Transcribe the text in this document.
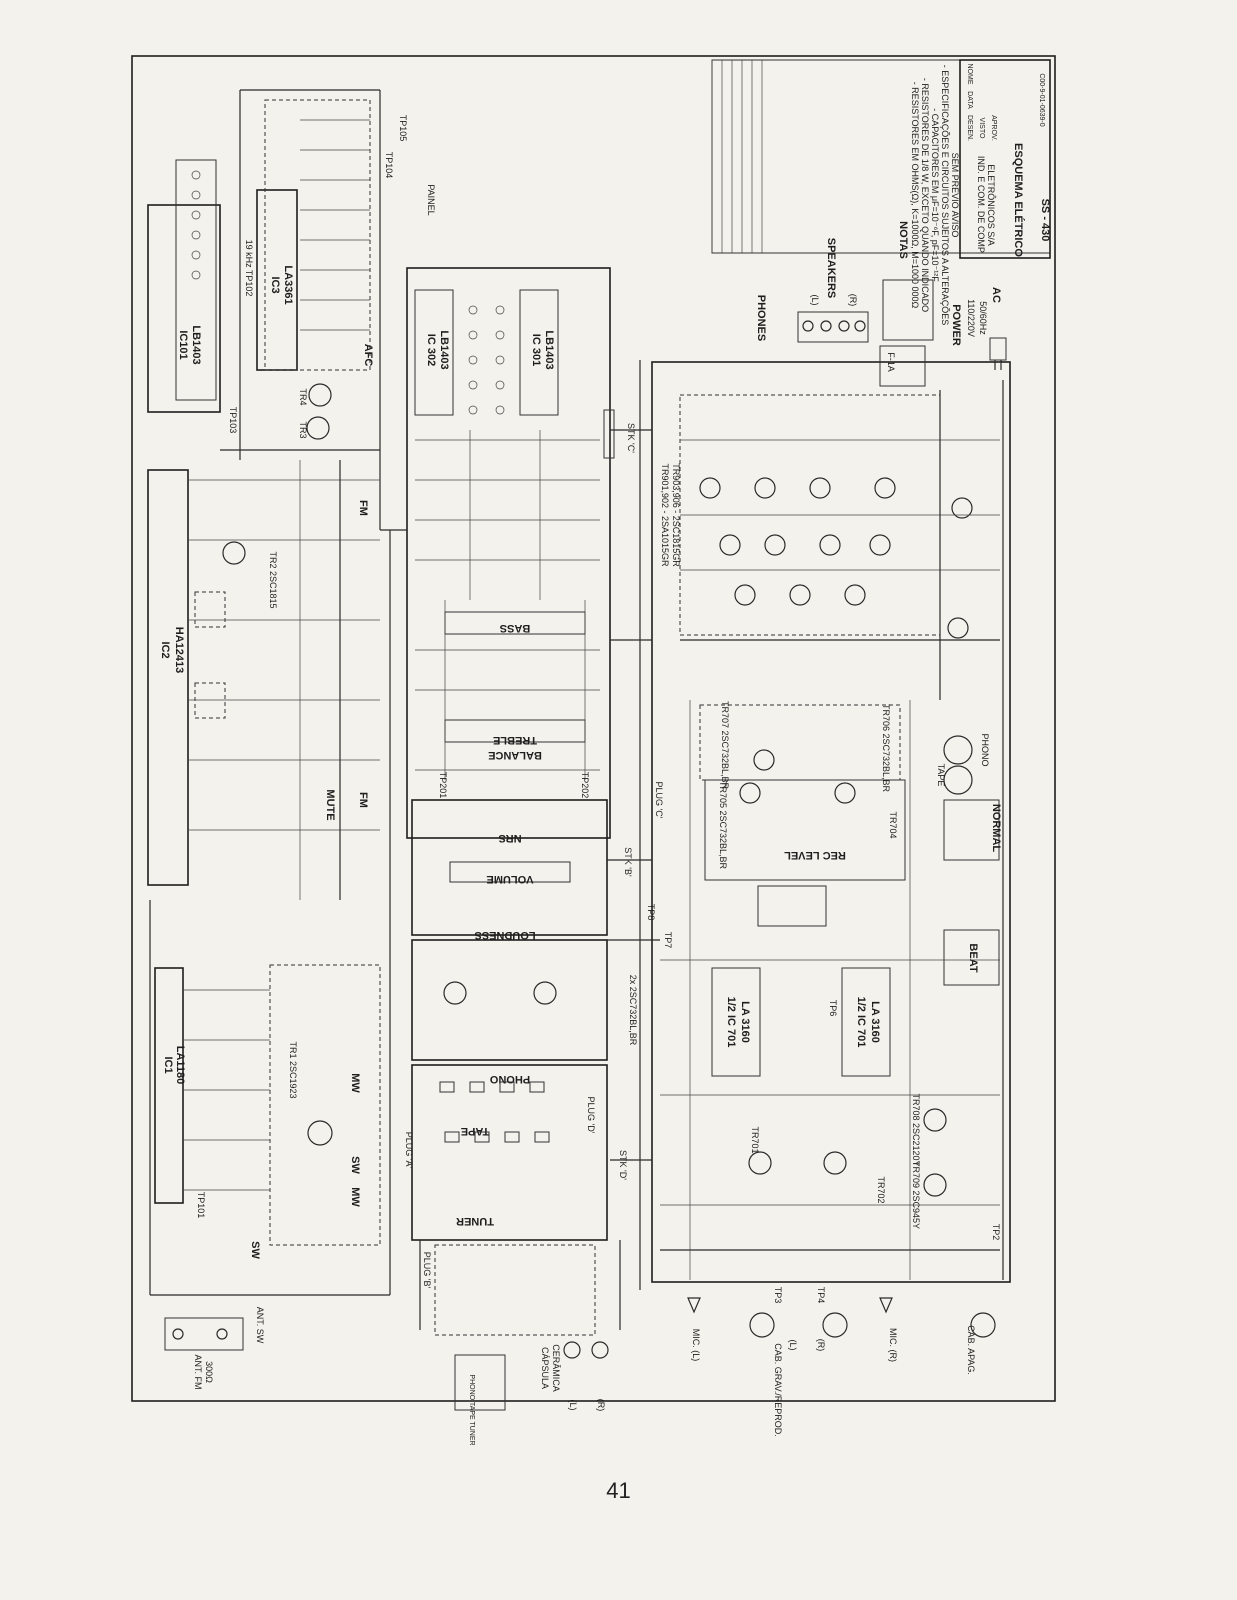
IC101 LB1403
IC3 LA3361
19 kHz TP102
TP105
TP104
PAINEL
TP103
AFC
TR4
TR3
IC2 HA12413
TR2 2SC1815
FM
FM
MUTE
IC1 LA1180
TP101
TR1 2SC1923	MW
SW
MW
SW
ANT. FM 300Ω
ANT. SW
IC 302 LB1403	IC 301 LB1403
BASS
TREBLE
BALANCE
TP201	TP202
NRS
VOLUME
LOUDNESS
STK 'B'
2x 2SC732BL,BR
PHONO
TAPE
TUNER
PLUG 'A'
PLUG 'D'
STK 'D'
PHONO TAPE TUNER
CÁPSULA CERÂMICA
(L) (R)
PLUG 'B'
STK 'C'
TR901,902 - 2SA1015GR TR903,906 - 2SC1815GR
PHONES
SPEAKERS
(L)	(R)
POWER
AC
110/220V 50/60Hz
F-1A
PHONO
TAPE
TR707 2SC732BL,BR	TR706 2SC732BL,BR
TR705 2SC732BL,BR	TR704
REC LEVEL
PLUG 'C'
NORMAL
BEAT
1/2 IC 701 LA 3160	1/2 IC 701 LA 3160
TP6
TP7
TP8
TR701
TR702
TR708 2SC2120Y
TR709 2SC945Y
TP2
MIC. (L)	MIC. (R)
TP3	TP4
(L) (R)
CAB. GRAV./REPROD.	CAB. APAG.
NOTAS - RESISTORES EM OHMS(Ω), K=1000Ω, M=1000 000Ω - RESISTORES DE 1/8 W, EXCETO QUANDO INDICADO - CAPACITORES EM μF=10⁻⁶F, pF=10⁻¹²F - ESPECIFICAÇÕES E CIRCUITOS SUJEITOS A ALTERAÇÕES SEM PRÉVIO AVISO IND. E COM. DE COMP. ELETRÔNICOS S/A ESQUEMA ELÉTRICO SS - 430
DESEN. VISTO APROV.
DATA
NOME	C00-9-01-0639-0
41
